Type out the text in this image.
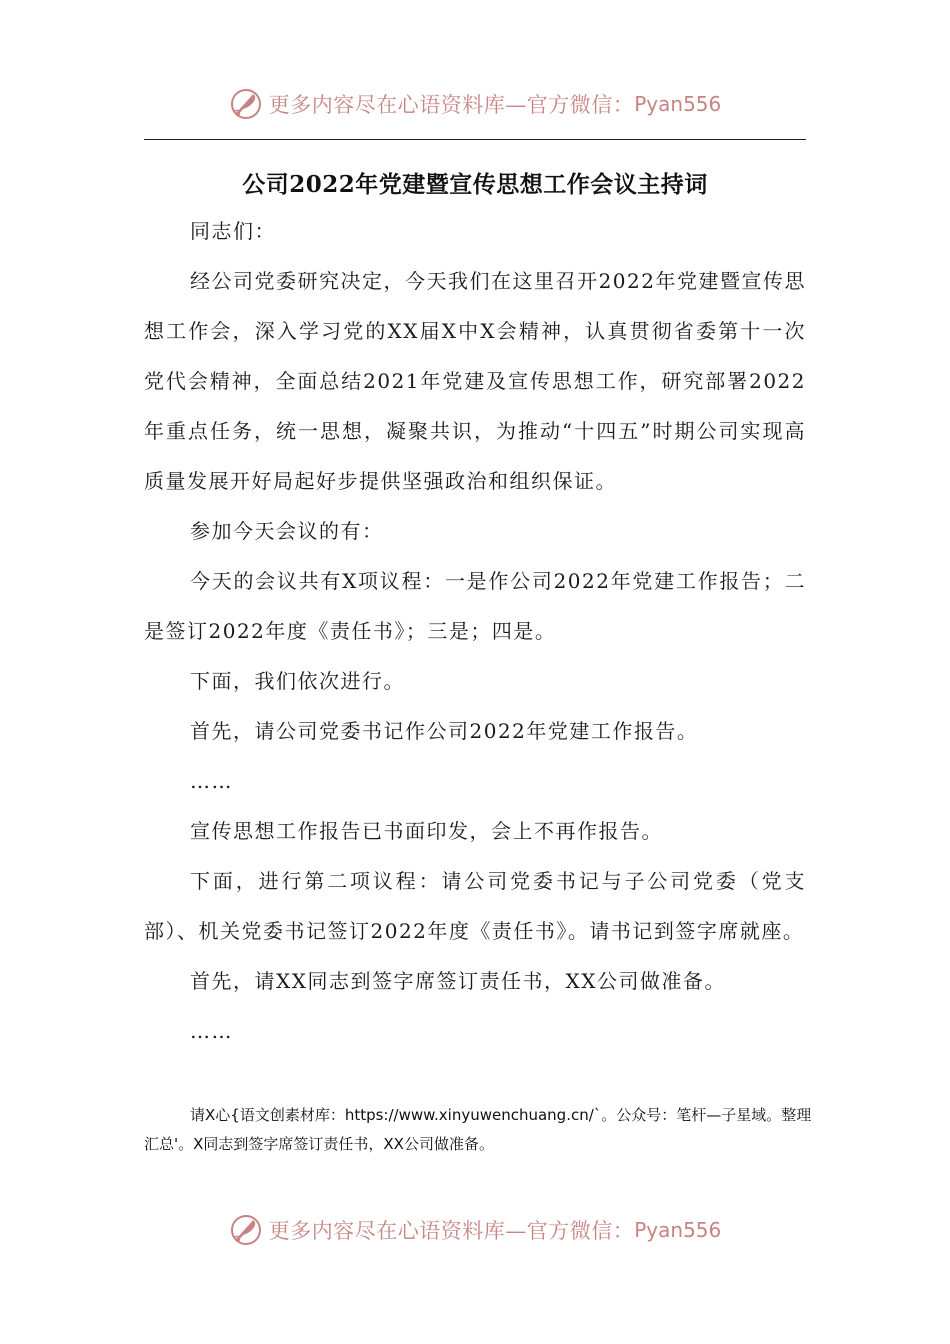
更多内容尽在心语资料库—官方微信： Pyan556
公司2022年党建暨宣传思想工作会议主持词

同志们：

经公司党委研究决定，今天我们在这里召开2022年党建暨宣传思想工作会，深入学习党的XX届X中X会精神，认真贯彻省委第十一次党代会精神，全面总结2021年党建及宣传思想工作，研究部署2022年重点任务，统一思想，凝聚共识，为推动“十四五”时期公司实现高质量发展开好局起好步提供坚强政治和组织保证。

参加今天会议的有：

今天的会议共有X项议程：一是作公司2022年党建工作报告；二是签订2022年度《责任书》；三是；四是。

下面，我们依次进行。

首先，请公司党委书记作公司2022年党建工作报告。

……

宣传思想工作报告已书面印发，会上不再作报告。

下面，进行第二项议程：请公司党委书记与子公司党委（党支部）、机关党委书记签订2022年度《责任书》。请书记到签字席就座。

首先，请XX同志到签字席签订责任书，XX公司做准备。

……

请X心{语文创素材库：https://www.xinyuwenchuang.cn/`。公众号：笔杆—子星域。整理汇总'。X同志到签字席签订责任书，XX公司做准备。

更多内容尽在心语资料库—官方微信： Pyan556
